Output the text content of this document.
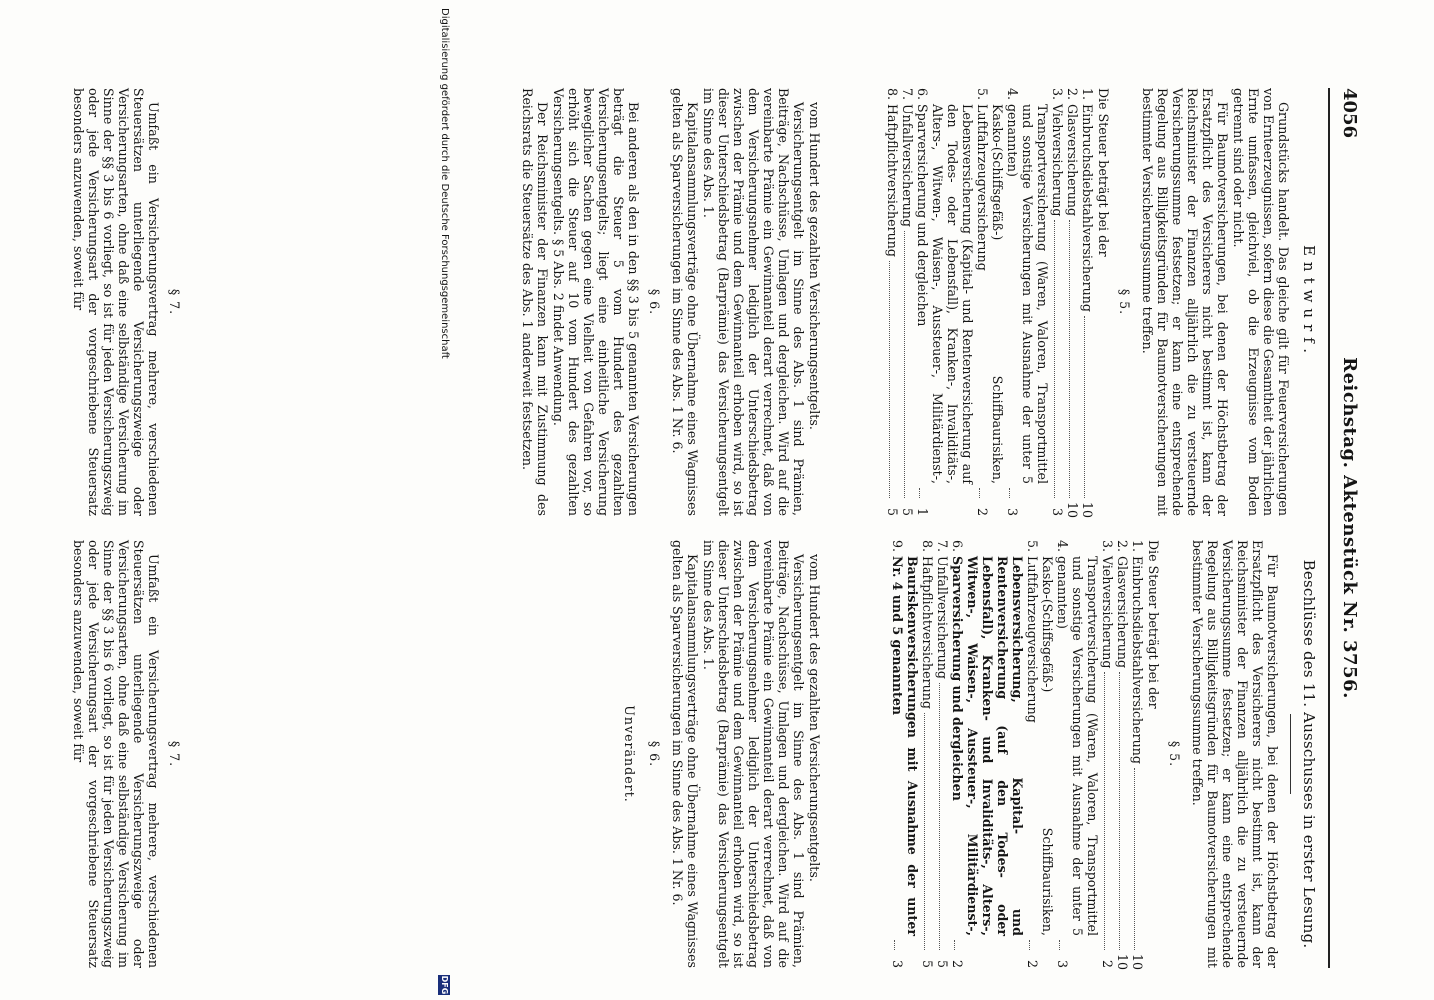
4056
Reichstag. Aktenstück Nr. 3756.
Entwurf.

Grundstücks handelt. Das gleiche gilt für Feuerversicherungen von Ernteerzeugnissen, sofern diese die Gesamtheit der jährlichen Ernte umfassen, gleichviel, ob die Erzeugnisse vom Boden getrennt sind oder nicht.

Für Baumotversicherungen, bei denen der Höchstbetrag der Ersatzpflicht des Versicherers nicht bestimmt ist, kann der Reichsminister der Finanzen alljährlich die zu versteuernde Versicherungssumme festsetzen; er kann eine entsprechende Regelung aus Billigkeitsgründen für Baumotversicherungen mit bestimmter Versicherungssumme treffen.

§ 5.

Die Steuer beträgt bei der

1.
Einbruchsdiebstahlversicherung
10
2.
Glasversicherung
10
3.
Viehversicherung
3
4.
Transportversicherung (Waren, Valoren, Transportmittel und sonstige Versicherungen mit Ausnahme der unter 5 genannten)
3
5.
Kasko-(Schiffsgefäß-) Schiffbaurisiken, Luftfahrzeugversicherung
2
6.
Lebensversicherung (Kapital- und Rentenversicherung auf den Todes- oder Lebensfall), Kranken-, Invaliditäts-, Alters-, Witwen-, Waisen-, Aussteuer-, Militärdienst-, Sparversicherung und dergleichen
1
7.
Unfallversicherung
5
8.
Haftpflichtversicherung
5
Beschlüsse des 11. Ausschusses in erster Lesung.

Für Baumotversicherungen, bei denen der Höchstbetrag der Ersatzpflicht des Versicherers nicht bestimmt ist, kann der Reichsminister der Finanzen alljährlich die zu versteuernde Versicherungssumme festsetzen; er kann eine entsprechende Regelung aus Billigkeitsgründen für Baumotversicherungen mit bestimmter Versicherungssumme treffen.

§ 5.

Die Steuer beträgt bei der

1.
Einbruchsdiebstahlversicherung
10
2.
Glasversicherung
10
3.
Viehversicherung
2
4.
Transportversicherung (Waren, Valoren, Transportmittel und sonstige Versicherungen mit Ausnahme der unter 5 genannten)
3
5.
Kasko-(Schiffsgefäß-) Schiffbaurisiken, Luftfahrzeugversicherung
2
6.
Lebensversicherung, Kapital- und Rentenversicherung (auf den Todes- oder Lebensfall), Kranken- und Invaliditäts-, Alters-, Witwen-, Waisen-, Aussteuer-, Militärdienst-, Sparversicherung und dergleichen
2
7.
Unfallversicherung
5
8.
Haftpflichtversicherung
5
9.
Bauriskenversicherungen mit Ausnahme der unter Nr. 4 und 5 genannten
3

vom Hundert des gezahlten Versicherungsentgelts.

Versicherungsentgelt im Sinne des Abs. 1 sind Prämien, Beiträge, Nachschüsse, Umlagen und dergleichen. Wird auf die vereinbarte Prämie ein Gewinnanteil derart verrechnet, daß von dem Versicherungsnehmer lediglich der Unterschiedsbetrag zwischen der Prämie und dem Gewinnanteil erhoben wird, so ist dieser Unterschiedsbetrag (Barprämie) das Versicherungsentgelt im Sinne des Abs. 1.

Kapitalansammlungsverträge ohne Übernahme eines Wagnisses gelten als Sparversicherungen im Sinne des Abs. 1 Nr. 6.

§ 6.

Bei anderen als den in den §§ 3 bis 5 genannten Versicherungen beträgt die Steuer 5 vom Hundert des gezahlten Versicherungsentgelts; liegt eine einheitliche Versicherung beweglicher Sachen gegen eine Vielheit von Gefahren vor, so erhöht sich die Steuer auf 10 vom Hundert des gezahlten Versicherungsentgelts. § 5 Abs. 2 findet Anwendung.

Der Reichsminister der Finanzen kann mit Zustimmung des Reichsrats die Steuersätze des Abs. 1 anderweit festsetzen.

vom Hundert des gezahlten Versicherungsentgelts.

Versicherungsentgelt im Sinne des Abs. 1 sind Prämien, Beiträge, Nachschüsse, Umlagen und dergleichen. Wird auf die vereinbarte Prämie ein Gewinnanteil derart verrechnet, daß von dem Versicherungsnehmer lediglich der Unterschiedsbetrag zwischen der Prämie und dem Gewinnanteil erhoben wird, so ist dieser Unterschiedsbetrag (Barprämie) das Versicherungsentgelt im Sinne des Abs. 1.

Kapitalansammlungsverträge ohne Übernahme eines Wagnisses gelten als Sparversicherungen im Sinne des Abs. 1 Nr. 6.

§ 6.
Unverändert.
§ 7.

Umfaßt ein Versicherungsvertrag mehrere, verschiedenen Steuersätzen unterliegende Versicherungszweige oder Versicherungsarten, ohne daß eine selbständige Versicherung im Sinne der §§ 3 bis 6 vorliegt, so ist für jeden Versicherungszweig oder jede Versicherungsart der vorgeschriebene Steuersatz besonders anzuwenden, soweit für

§ 7.

Umfaßt ein Versicherungsvertrag mehrere, verschiedenen Steuersätzen unterliegende Versicherungszweige oder Versicherungsarten, ohne daß eine selbständige Versicherung im Sinne der §§ 3 bis 6 vorliegt, so ist für jeden Versicherungszweig oder jede Versicherungsart der vorgeschriebene Steuersatz besonders anzuwenden, soweit für

Digitalisierung gefördert durch die Deutsche Forschungsgemeinschaft
DFG
